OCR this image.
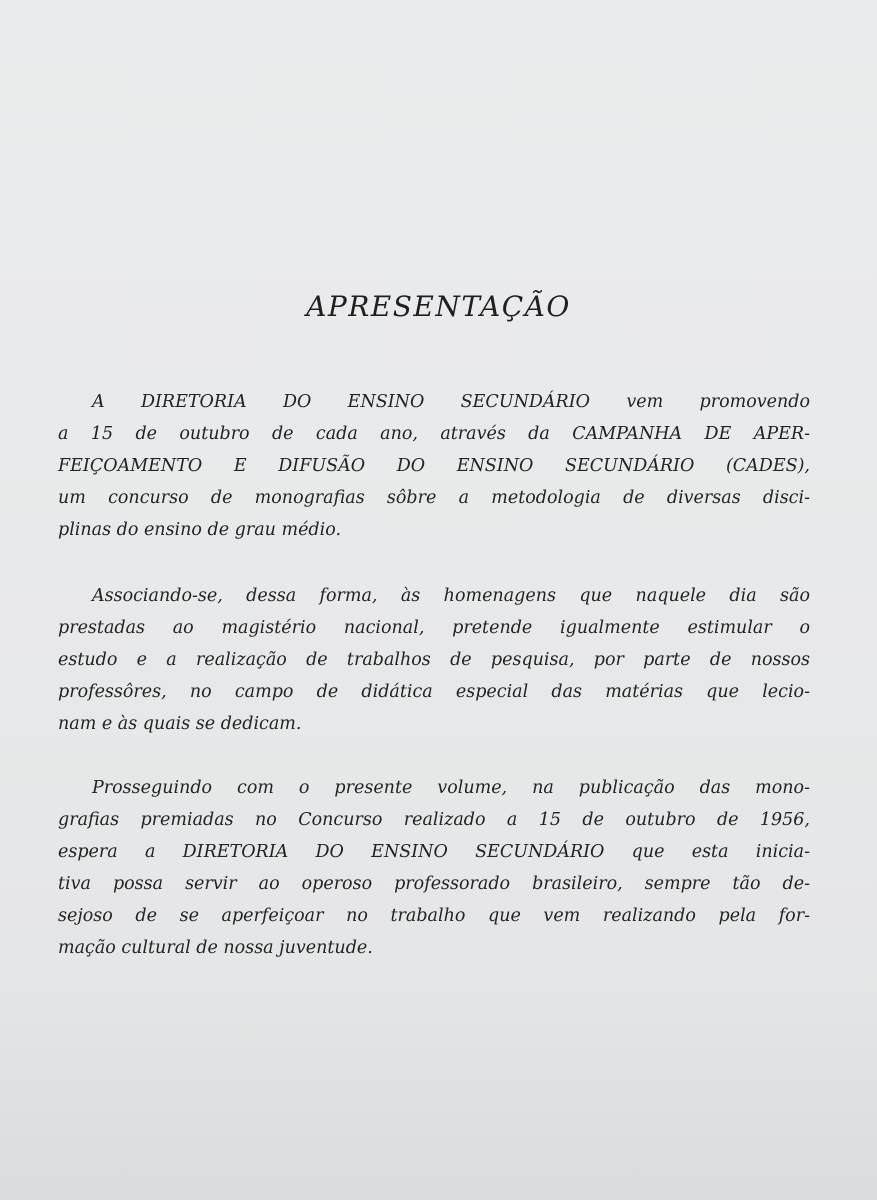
APRESENTAÇÃO
A DIRETORIA DO ENSINO SECUNDÁRIO vem promovendo
a 15 de outubro de cada ano, através da CAMPANHA DE APER-
FEIÇOAMENTO E DIFUSÃO DO ENSINO SECUNDÁRIO (CADES),
um concurso de monografias sôbre a metodologia de diversas disci-
plinas do ensino de grau médio.
Associando-se, dessa forma, às homenagens que naquele dia são
prestadas ao magistério nacional, pretende igualmente estimular o
estudo e a realização de trabalhos de pesquisa, por parte de nossos
professôres, no campo de didática especial das matérias que lecio-
nam e às quais se dedicam.
Prosseguindo com o presente volume, na publicação das mono-
grafias premiadas no Concurso realizado a 15 de outubro de 1956,
espera a DIRETORIA DO ENSINO SECUNDÁRIO que esta inicia-
tiva possa servir ao operoso professorado brasileiro, sempre tão de-
sejoso de se aperfeiçoar no trabalho que vem realizando pela for-
mação cultural de nossa juventude.
